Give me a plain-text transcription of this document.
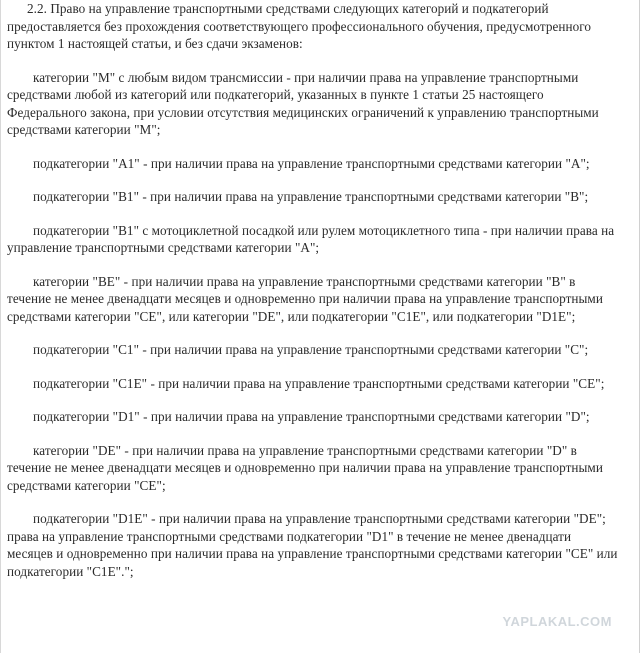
2.2. Право на управление транспортными средствами следующих категорий и подкатегорий предоставляется без прохождения соответствующего профессионального обучения, предусмотренного пунктом 1 настоящей статьи, и без сдачи экзаменов:

категории "M" с любым видом трансмиссии - при наличии права на управление транспортными средствами любой из категорий или подкатегорий, указанных в пункте 1 статьи 25 настоящего Федерального закона, при условии отсутствия медицинских ограничений к управлению транспортными средствами категории "M";

подкатегории "A1" - при наличии права на управление транспортными средствами категории "A";

подкатегории "B1" - при наличии права на управление транспортными средствами категории "B";

подкатегории "B1" с мотоциклетной посадкой или рулем мотоциклетного типа - при наличии права на управление транспортными средствами категории "A";

категории "BE" - при наличии права на управление транспортными средствами категории "B" в течение не менее двенадцати месяцев и одновременно при наличии права на управление транспортными средствами категории "CE", или категории "DE", или подкатегории "C1E", или подкатегории "D1E";

подкатегории "C1" - при наличии права на управление транспортными средствами категории "C";

подкатегории "C1E" - при наличии права на управление транспортными средствами категории "CE";

подкатегории "D1" - при наличии права на управление транспортными средствами категории "D";

категории "DE" - при наличии права на управление транспортными средствами категории "D" в течение не менее двенадцати месяцев и одновременно при наличии права на управление транспортными средствами категории "CE";

подкатегории "D1E" - при наличии права на управление транспортными средствами категории "DE"; права на управление транспортными средствами подкатегории "D1" в течение не менее двенадцати месяцев и одновременно при наличии права на управление транспортными средствами категории "CE" или подкатегории "C1E".";

YAPLAKAL.COM
